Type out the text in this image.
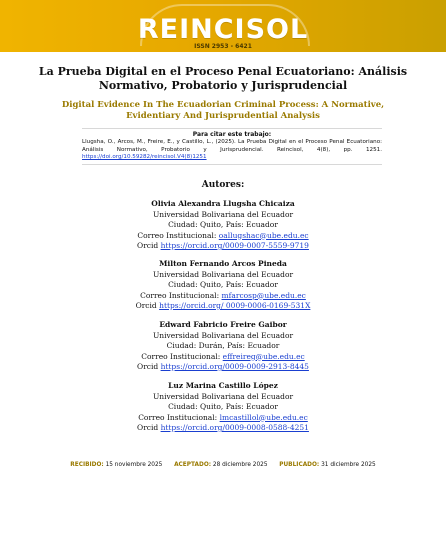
REINCISOL
ISSN 2953 - 6421
La Prueba Digital en el Proceso Penal Ecuatoriano: Análisis Normativo, Probatorio y Jurisprudencial
Digital Evidence In The Ecuadorian Criminal Process: A Normative, Evidentiary And Jurisprudential Analysis
Para citar este trabajo:
Llugsha, O., Arcos, M., Freire, E., y Castillo, L., (2025). La Prueba Digital en el Proceso Penal Ecuatoriano: Análisis Normativo, Probatorio y Jurisprudencial. Reincisol, 4(8), pp. 1251. https://doi.org/10.59282/reincisol.V4(8)1251
Autores:
Olivia Alexandra Llugsha Chicaiza
Universidad Bolivariana del Ecuador
Ciudad: Quito, País: Ecuador
Correo Institucional: oallugshac@ube.edu.ec
Orcid https://orcid.org/0009-0007-5559-9719
Milton Fernando Arcos Pineda
Universidad Bolivariana del Ecuador
Ciudad: Quito, País: Ecuador
Correo Institucional: mfarcosp@ube.edu.ec
Orcid https://orcid.org/ 0009-0006-0169-531X
Edward Fabricio Freire Gaibor
Universidad Bolivariana del Ecuador
Ciudad: Durán, País: Ecuador
Correo Institucional: effreireg@ube.edu.ec
Orcid https://orcid.org/0009-0009-2913-8445
Luz Marina Castillo López
Universidad Bolivariana del Ecuador
Ciudad: Quito, País: Ecuador
Correo Institucional: lmcastillol@ube.edu.ec
Orcid https://orcid.org/0009-0008-0588-4251
RECIBIDO: 15 noviembre 2025 ACEPTADO: 28 diciembre 2025 PUBLICADO: 31 diciembre 2025
